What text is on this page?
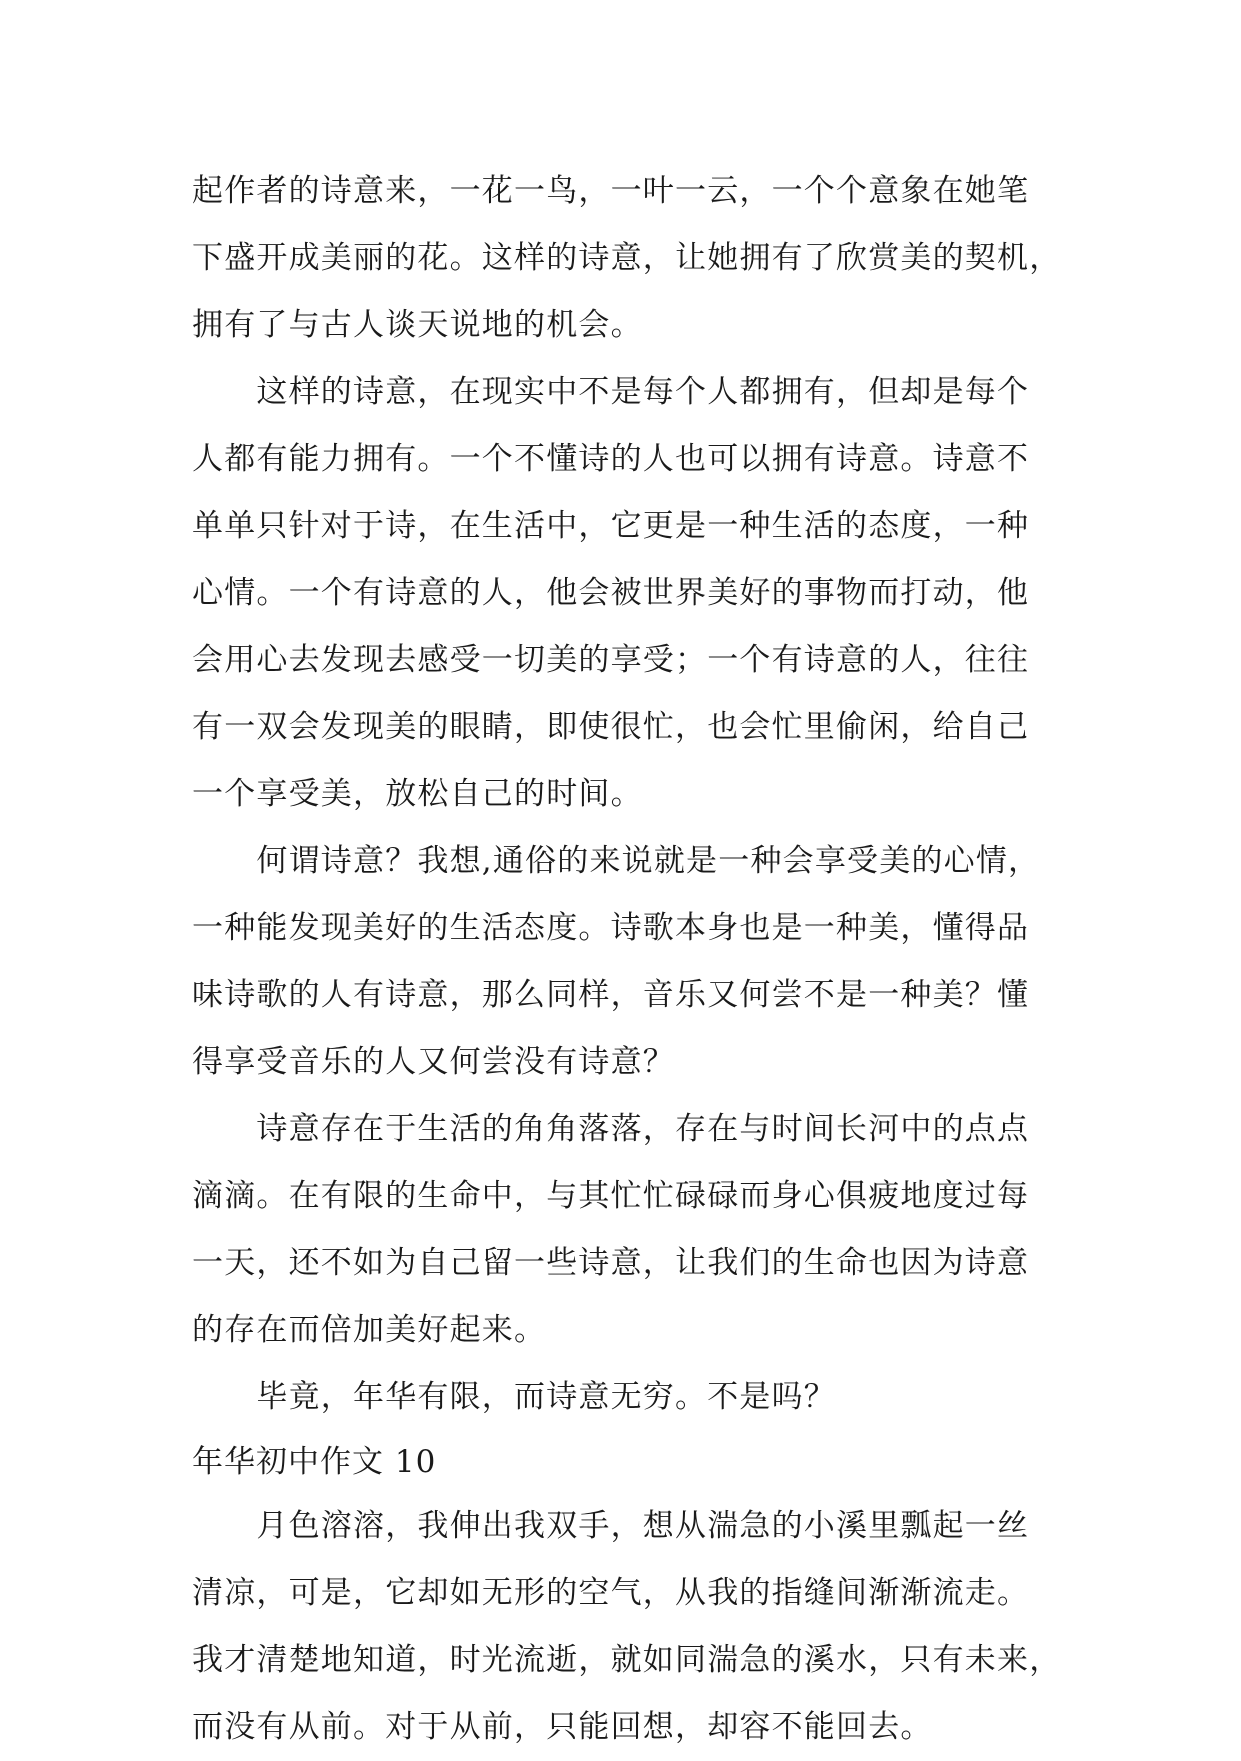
起作者的诗意来，一花一鸟，一叶一云，一个个意象在她笔
下盛开成美丽的花。这样的诗意，让她拥有了欣赏美的契机，
拥有了与古人谈天说地的机会。
　　这样的诗意，在现实中不是每个人都拥有，但却是每个
人都有能力拥有。一个不懂诗的人也可以拥有诗意。诗意不
单单只针对于诗，在生活中，它更是一种生活的态度，一种
心情。一个有诗意的人，他会被世界美好的事物而打动，他
会用心去发现去感受一切美的享受；一个有诗意的人，往往
有一双会发现美的眼睛，即使很忙，也会忙里偷闲，给自己
一个享受美，放松自己的时间。
　　何谓诗意？我想,通俗的来说就是一种会享受美的心情，
一种能发现美好的生活态度。诗歌本身也是一种美，懂得品
味诗歌的人有诗意，那么同样，音乐又何尝不是一种美？懂
得享受音乐的人又何尝没有诗意？
　　诗意存在于生活的角角落落，存在与时间长河中的点点
滴滴。在有限的生命中，与其忙忙碌碌而身心俱疲地度过每
一天，还不如为自己留一些诗意，让我们的生命也因为诗意
的存在而倍加美好起来。
　　毕竟，年华有限，而诗意无穷。不是吗？
年华初中作文 10
　　月色溶溶，我伸出我双手，想从湍急的小溪里瓢起一丝
清凉，可是，它却如无形的空气，从我的指缝间渐渐流走。
我才清楚地知道，时光流逝，就如同湍急的溪水，只有未来，
而没有从前。对于从前，只能回想，却容不能回去。
